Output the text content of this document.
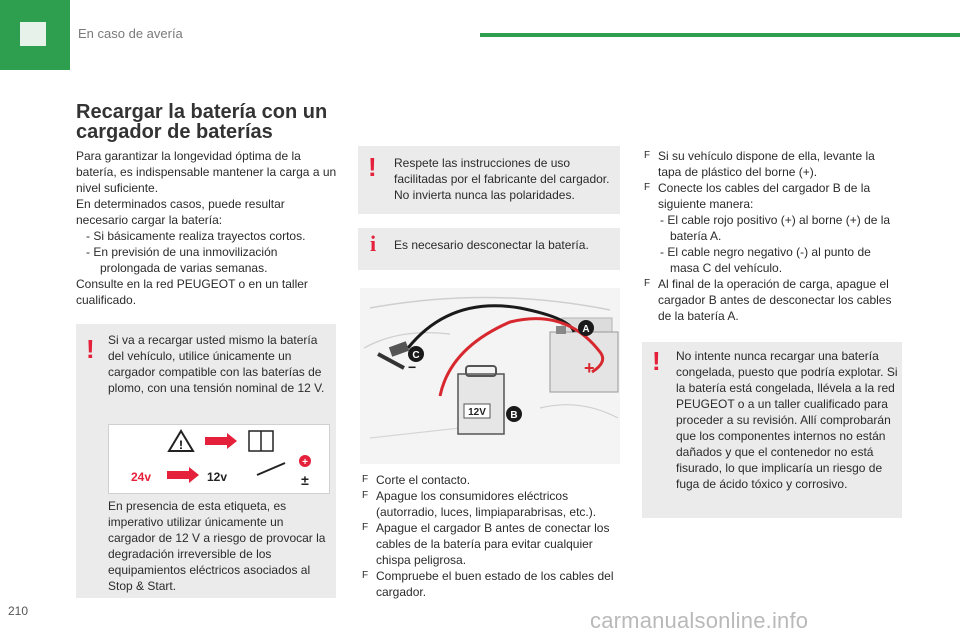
En caso de avería
Recargar la batería con un cargador de baterías

Para garantizar la longevidad óptima de la batería, es indispensable mantener la carga a un nivel suficiente.

En determinados casos, puede resultar necesario cargar la batería:

- Si básicamente realiza trayectos cortos.

- En previsión de una inmovilización prolongada de varias semanas.

Consulte en la red PEUGEOT o en un taller cualificado.

! Si va a recargar usted mismo la batería del vehículo, utilice únicamente un cargador compatible con las baterías de plomo, con una tensión nominal de 12 V.
!
24v	12v
+
±
En presencia de esta etiqueta, es imperativo utilizar únicamente un cargador de 12 V a riesgo de provocar la degradación irreversible de los equipamientos eléctricos asociados al Stop & Start.
! Respete las instrucciones de uso facilitadas por el fabricante del cargador. No invierta nunca las polaridades.
i Es necesario desconectar la batería.
C
−
A
+
12V B
F Corte el contacto.
F Apague los consumidores eléctricos (autorradio, luces, limpiaparabrisas, etc.).
F Apague el cargador B antes de conectar los cables de la batería para evitar cualquier chispa peligrosa.
F Compruebe el buen estado de los cables del cargador.
F Si su vehículo dispone de ella, levante la tapa de plástico del borne (+).
F Conecte los cables del cargador B de la siguiente manera:
- El cable rojo positivo (+) al borne (+) de la batería A.
- El cable negro negativo (-) al punto de masa C del vehículo.
F Al final de la operación de carga, apague el cargador B antes de desconectar los cables de la batería A.
! No intente nunca recargar una batería congelada, puesto que podría explotar. Si la batería está congelada, llévela a la red PEUGEOT o a un taller cualificado para proceder a su revisión. Allí comprobarán que los componentes internos no están dañados y que el contenedor no está fisurado, lo que implicaría un riesgo de fuga de ácido tóxico y corrosivo.
210	carmanualsonline.info
